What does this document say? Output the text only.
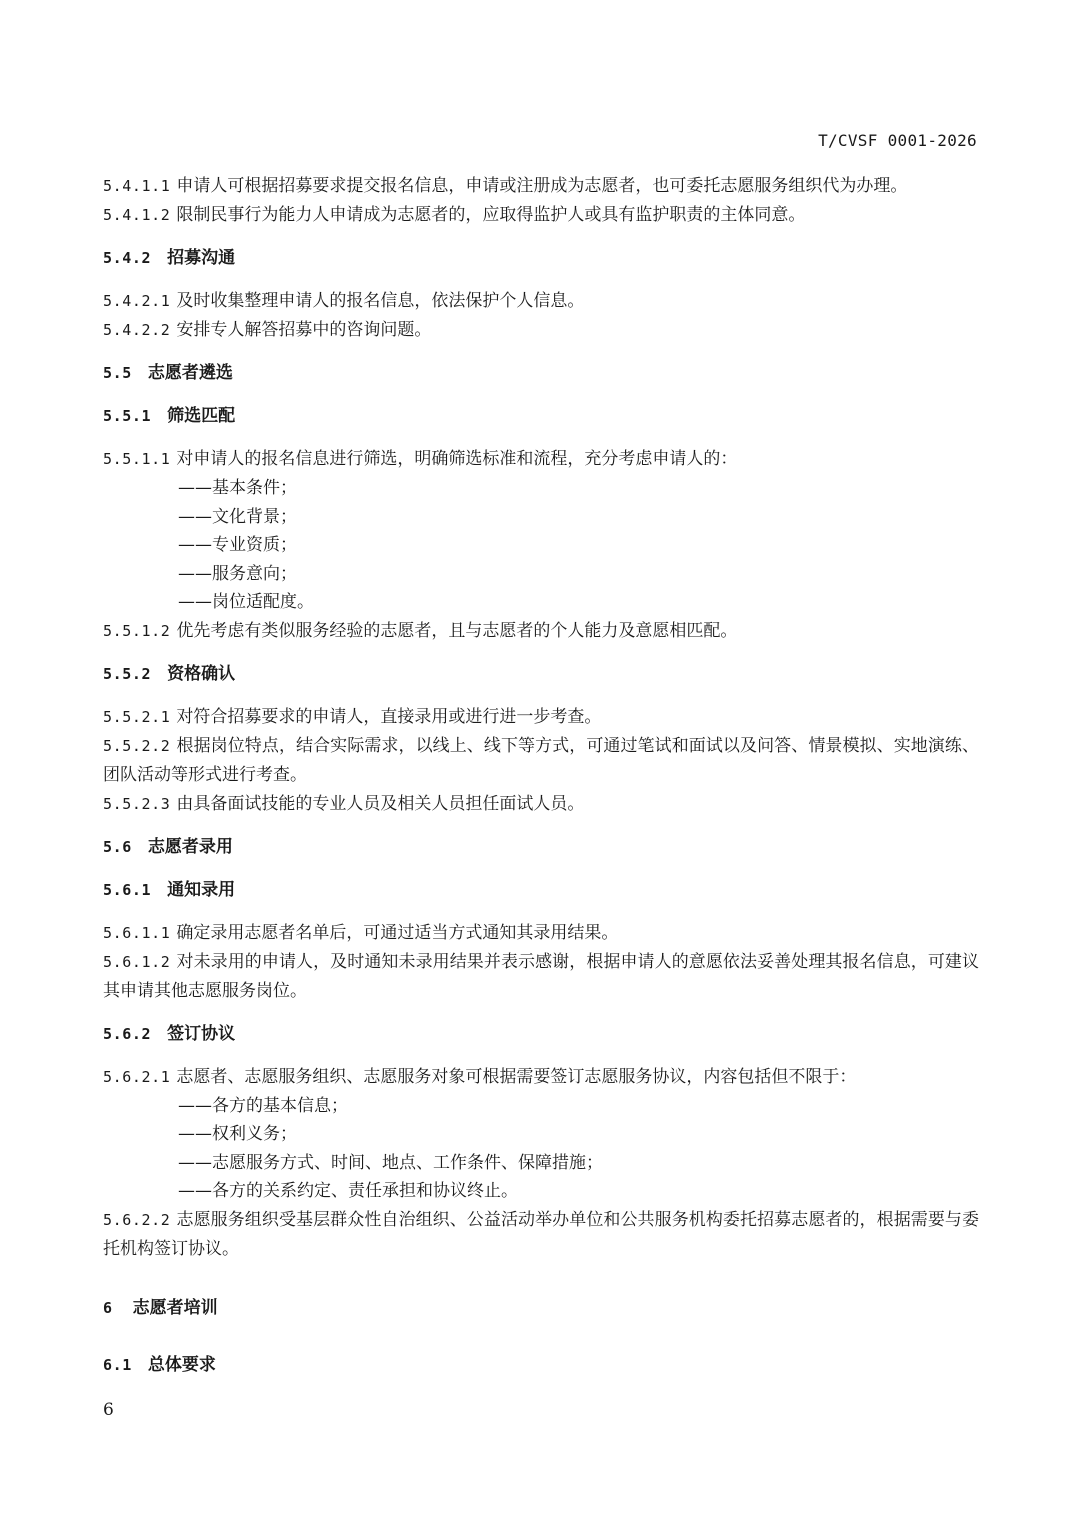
T/CVSF 0001-2026
5.4.1.1 申请人可根据招募要求提交报名信息，申请或注册成为志愿者，也可委托志愿服务组织代为办理。
5.4.1.2 限制民事行为能力人申请成为志愿者的，应取得监护人或具有监护职责的主体同意。
5.4.2 招募沟通
5.4.2.1 及时收集整理申请人的报名信息，依法保护个人信息。
5.4.2.2 安排专人解答招募中的咨询问题。
5.5 志愿者遴选
5.5.1 筛选匹配
5.5.1.1 对申请人的报名信息进行筛选，明确筛选标准和流程，充分考虑申请人的：
——基本条件；
——文化背景；
——专业资质；
——服务意向；
——岗位适配度。
5.5.1.2 优先考虑有类似服务经验的志愿者，且与志愿者的个人能力及意愿相匹配。
5.5.2 资格确认
5.5.2.1 对符合招募要求的申请人，直接录用或进行进一步考查。
5.5.2.2 根据岗位特点，结合实际需求，以线上、线下等方式，可通过笔试和面试以及问答、情景模拟、实地演练、团队活动等形式进行考查。
5.5.2.3 由具备面试技能的专业人员及相关人员担任面试人员。
5.6 志愿者录用
5.6.1 通知录用
5.6.1.1 确定录用志愿者名单后，可通过适当方式通知其录用结果。
5.6.1.2 对未录用的申请人，及时通知未录用结果并表示感谢，根据申请人的意愿依法妥善处理其报名信息，可建议其申请其他志愿服务岗位。
5.6.2 签订协议
5.6.2.1 志愿者、志愿服务组织、志愿服务对象可根据需要签订志愿服务协议，内容包括但不限于：
——各方的基本信息；
——权利义务；
——志愿服务方式、时间、地点、工作条件、保障措施；
——各方的关系约定、责任承担和协议终止。
5.6.2.2 志愿服务组织受基层群众性自治组织、公益活动举办单位和公共服务机构委托招募志愿者的，根据需要与委托机构签订协议。
6 志愿者培训
6.1 总体要求
6
